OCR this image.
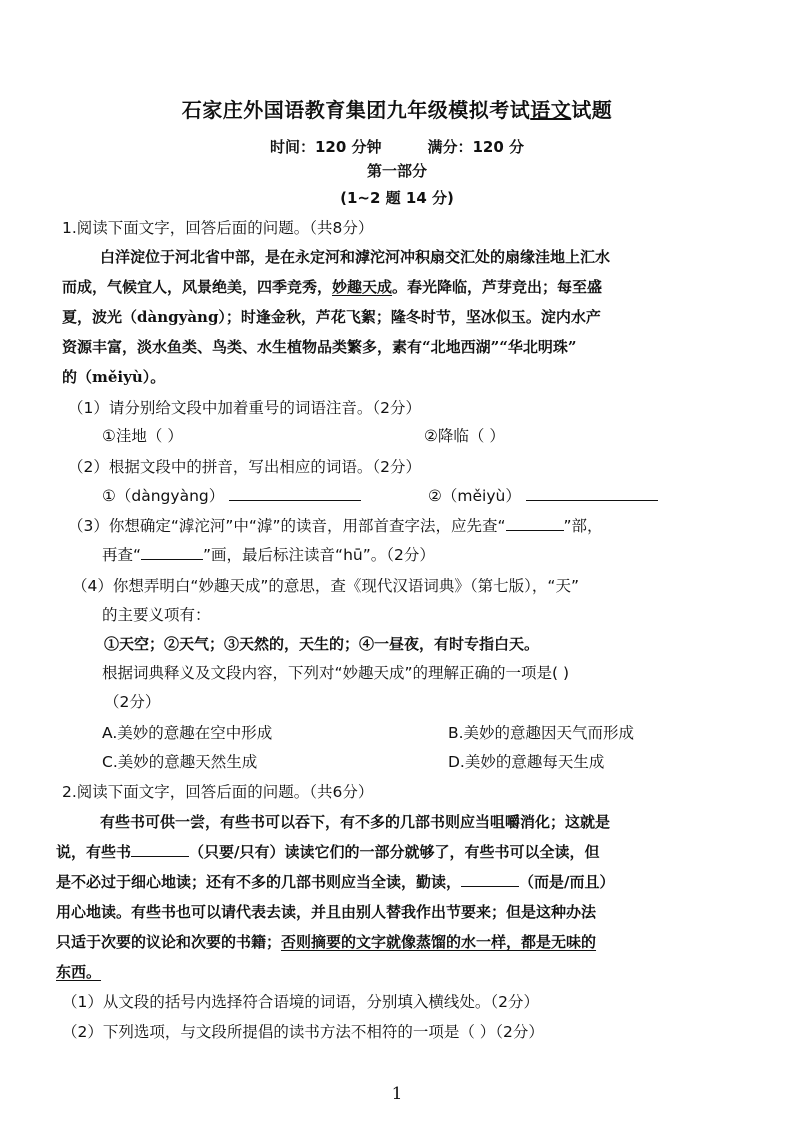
石家庄外国语教育集团九年级模拟考试语文试题
时间：120 分钟	满分：120 分
第一部分
(1~2 题 14 分)
1.阅读下面文字，回答后面的问题。（共8分）
白洋淀位于河北省中部，是在永定河和滹沱河冲积扇交汇处的扇缘洼地上汇水
而成，气候宜人，风景绝美，四季竞秀，妙趣天成。春光降临，芦芽竞出；每至盛
夏，波光（dàngyàng）；时逢金秋，芦花飞絮；隆冬时节，坚冰似玉。淀内水产
资源丰富，淡水鱼类、鸟类、水生植物品类繁多，素有“北地西湖”“华北明珠”
的（měiyù）。
（1）请分别给文段中加着重号的词语注音。（2分）
①洼地（ ）	②降临（ ）
（2）根据文段中的拼音，写出相应的词语。（2分）
①（dàngyàng）	②（měiyù）
（3）你想确定“滹沱河”中“滹”的读音，用部首查字法，应先查“	”部，
再查“	”画，最后标注读音“hū”。（2分）
（4）你想弄明白“妙趣天成”的意思，查《现代汉语词典》（第七版），“天”
的主要义项有：
①天空；②天气；③天然的，天生的；④一昼夜，有时专指白天。
根据词典释义及文段内容，下列对“妙趣天成”的理解正确的一项是( )
（2分）
A.美妙的意趣在空中形成	B.美妙的意趣因天气而形成
C.美妙的意趣天然生成	D.美妙的意趣每天生成
2.阅读下面文字，回答后面的问题。（共6分）
有些书可供一尝，有些书可以吞下，有不多的几部书则应当咀嚼消化；这就是
说，有些书	（只要/只有）读读它们的一部分就够了，有些书可以全读，但
是不必过于细心地读；还有不多的几部书则应当全读，勤读，	（而是/而且）
用心地读。有些书也可以请代表去读，并且由别人替我作出节要来；但是这种办法
只适于次要的议论和次要的书籍；否则摘要的文字就像蒸馏的水一样，都是无味的
东西。
（1）从文段的括号内选择符合语境的词语，分别填入横线处。（2分）
（2）下列选项，与文段所提倡的读书方法不相符的一项是（ ）（2分）
1
